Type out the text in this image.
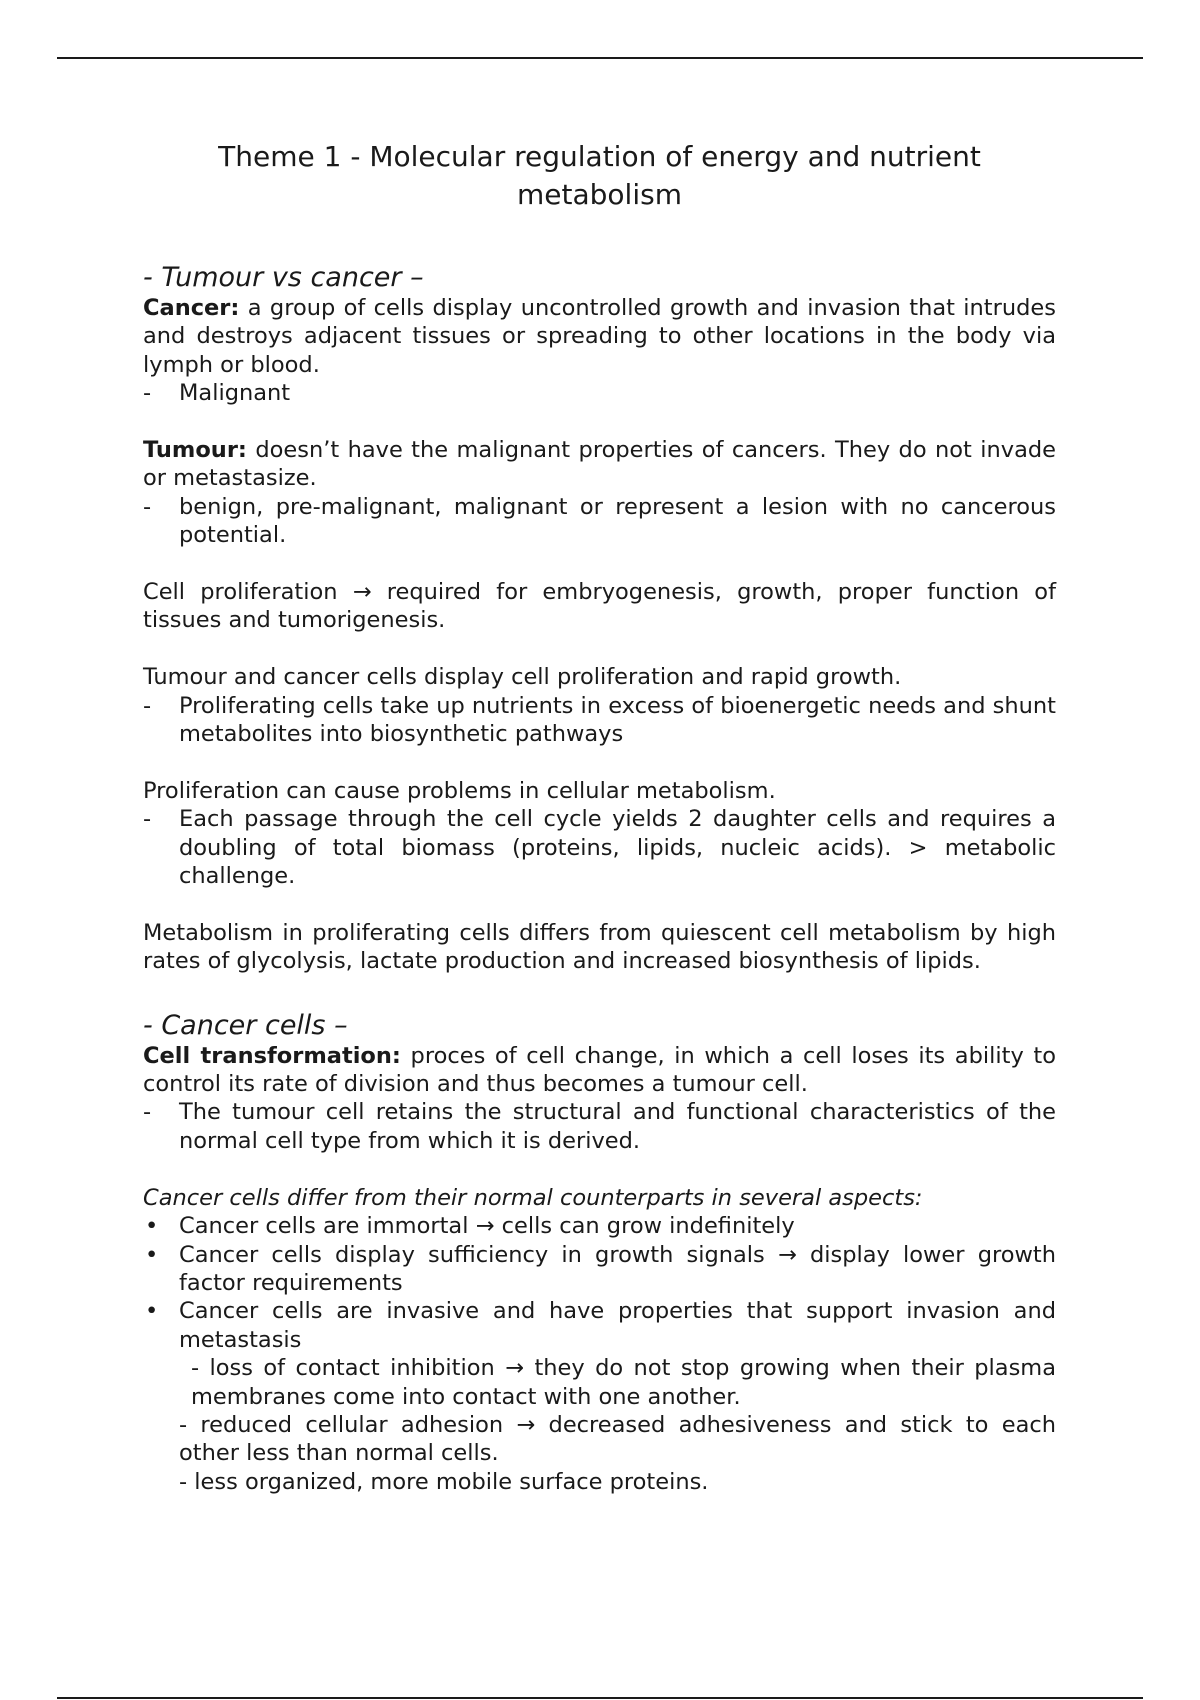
Theme 1 - Molecular regulation of energy and nutrient metabolism
- Tumour vs cancer –

Cancer: a group of cells display uncontrolled growth and invasion that intrudes and destroys adjacent tissues or spreading to other locations in the body via lymph or blood.

- Malignant

Tumour: doesn’t have the malignant properties of cancers. They do not invade or metastasize.

- benign, pre-malignant, malignant or represent a lesion with no cancerous potential.

Cell proliferation → required for embryogenesis, growth, proper function of tissues and tumorigenesis.

Tumour and cancer cells display cell proliferation and rapid growth.

- Proliferating cells take up nutrients in excess of bioenergetic needs and shunt metabolites into biosynthetic pathways

Proliferation can cause problems in cellular metabolism.

- Each passage through the cell cycle yields 2 daughter cells and requires a doubling of total biomass (proteins, lipids, nucleic acids). > metabolic challenge.

Metabolism in proliferating cells differs from quiescent cell metabolism by high rates of glycolysis, lactate production and increased biosynthesis of lipids.

- Cancer cells –

Cell transformation: proces of cell change, in which a cell loses its ability to control its rate of division and thus becomes a tumour cell.

- The tumour cell retains the structural and functional characteristics of the normal cell type from which it is derived.

Cancer cells differ from their normal counterparts in several aspects:

• Cancer cells are immortal → cells can grow indefinitely
• Cancer cells display sufficiency in growth signals → display lower growth factor requirements
• Cancer cells are invasive and have properties that support invasion and metastasis
- loss of contact inhibition → they do not stop growing when their plasma membranes come into contact with one another.
- reduced cellular adhesion → decreased adhesiveness and stick to each other less than normal cells.
- less organized, more mobile surface proteins.
